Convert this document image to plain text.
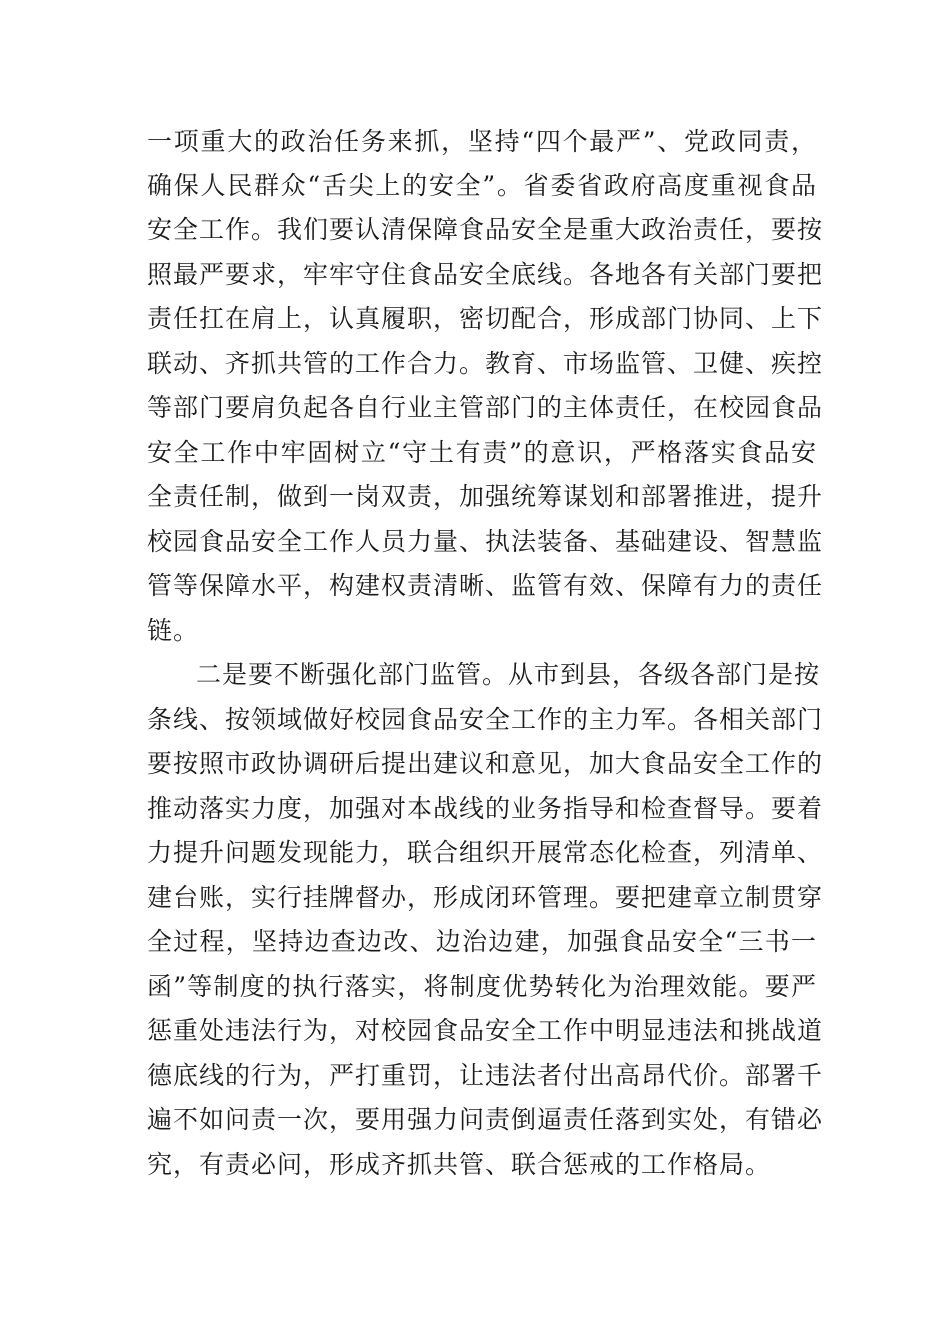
一项重大的政治任务来抓，坚持“四个最严”、党政同责，
确保人民群众“舌尖上的安全”。省委省政府高度重视食品
安全工作。我们要认清保障食品安全是重大政治责任，要按
照最严要求，牢牢守住食品安全底线。各地各有关部门要把
责任扛在肩上，认真履职，密切配合，形成部门协同、上下
联动、齐抓共管的工作合力。教育、市场监管、卫健、疾控
等部门要肩负起各自行业主管部门的主体责任，在校园食品
安全工作中牢固树立“守土有责”的意识，严格落实食品安
全责任制，做到一岗双责，加强统筹谋划和部署推进，提升
校园食品安全工作人员力量、执法装备、基础建设、智慧监
管等保障水平，构建权责清晰、监管有效、保障有力的责任
链。
二是要不断强化部门监管。从市到县，各级各部门是按
条线、按领域做好校园食品安全工作的主力军。各相关部门
要按照市政协调研后提出建议和意见，加大食品安全工作的
推动落实力度，加强对本战线的业务指导和检查督导。要着
力提升问题发现能力，联合组织开展常态化检查，列清单、
建台账，实行挂牌督办，形成闭环管理。要把建章立制贯穿
全过程，坚持边查边改、边治边建，加强食品安全“三书一
函”等制度的执行落实，将制度优势转化为治理效能。要严
惩重处违法行为，对校园食品安全工作中明显违法和挑战道
德底线的行为，严打重罚，让违法者付出高昂代价。部署千
遍不如问责一次，要用强力问责倒逼责任落到实处，有错必
究，有责必问，形成齐抓共管、联合惩戒的工作格局。
